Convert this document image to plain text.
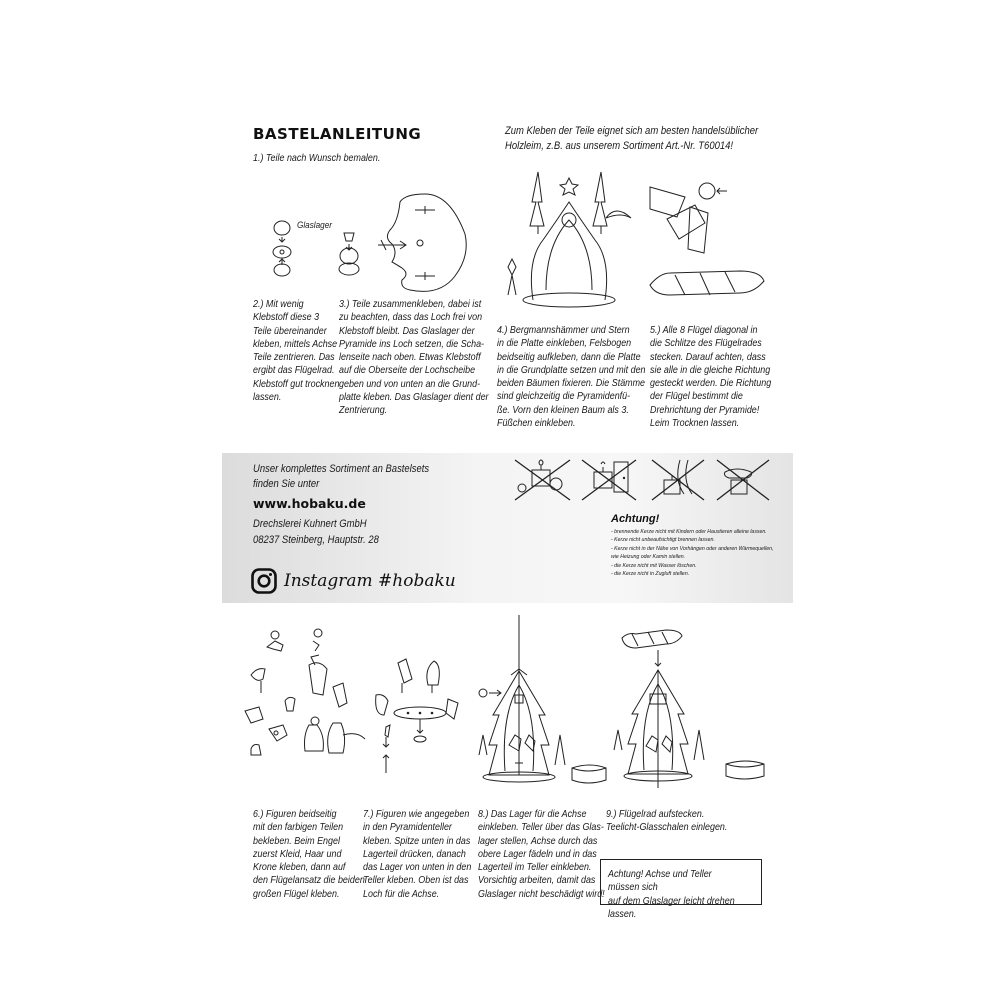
BASTELANLEITUNG

1.) Teile nach Wunsch bemalen.

Zum Kleben der Teile eignet sich am besten handelsüblicher
Holzleim, z.B. aus unserem Sortiment Art.-Nr. T60014!

Glaslager

2.) Mit wenig
Klebstoff diese 3
Teile übereinander
kleben, mittels Achse
Teile zentrieren. Das
ergibt das Flügelrad.
Klebstoff gut trocknen
lassen.

3.) Teile zusammenkleben, dabei ist
zu beachten, dass das Loch frei von
Klebstoff bleibt. Das Glaslager der
Pyramide ins Loch setzen, die Scha-
lenseite nach oben. Etwas Klebstoff
auf die Oberseite der Lochscheibe
geben und von unten an die Grund-
platte kleben. Das Glaslager dient der
Zentrierung.

4.) Bergmannshämmer und Stern
in die Platte einkleben, Felsbogen
beidseitig aufkleben, dann die Platte
in die Grundplatte setzen und mit den
beiden Bäumen fixieren. Die Stämme
sind gleichzeitig die Pyramidenfü-
ße. Vorn den kleinen Baum als 3.
Füßchen einkleben.

5.) Alle 8 Flügel diagonal in
die Schlitze des Flügelrades
stecken. Darauf achten, dass
sie alle in die gleiche Richtung
gesteckt werden. Die Richtung
der Flügel bestimmt die
Drehrichtung der Pyramide!
Leim Trocknen lassen.

Unser komplettes Sortiment an Bastelsets

finden Sie unter

www.hobaku.de

Drechslerei Kuhnert GmbH

08237 Steinberg, Hauptstr. 28

Instagram #hobaku
Achtung!
- brennende Kerze nicht mit Kindern oder Haustieren alleine lassen.
- Kerze nicht unbeaufsichtigt brennen lassen.
- Kerze nicht in der Nähe von Vorhängen oder anderen Wärmequellen,
wie Heizung oder Kamin stellen.
- die Kerze nicht mit Wasser löschen.
- die Kerze nicht in Zugluft stellen.

6.) Figuren beidseitig
mit den farbigen Teilen
bekleben. Beim Engel
zuerst Kleid, Haar und
Krone kleben, dann auf
den Flügelansatz die beiden
großen Flügel kleben.

7.) Figuren wie angegeben
in den Pyramidenteller
kleben. Spitze unten in das
Lagerteil drücken, danach
das Lager von unten in den
Teller kleben. Oben ist das
Loch für die Achse.

8.) Das Lager für die Achse
einkleben. Teller über das Glas-
lager stellen, Achse durch das
obere Lager fädeln und in das
Lagerteil im Teller einkleben.
Vorsichtig arbeiten, damit das
Glaslager nicht beschädigt wird!

9.) Flügelrad aufstecken.
Teelicht-Glasschalen einlegen.

Achtung! Achse und Teller müssen sich
auf dem Glaslager leicht drehen lassen.
